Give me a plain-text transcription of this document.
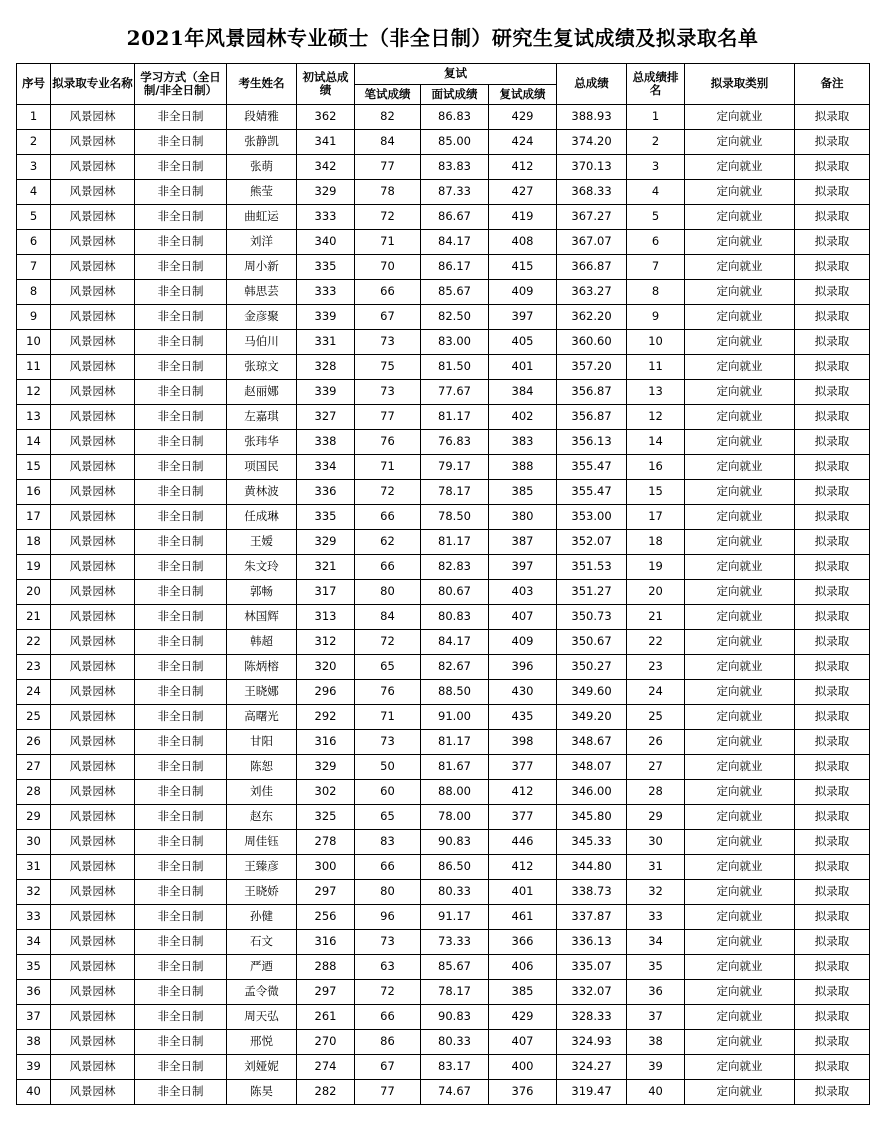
2021年风景园林专业硕士（非全日制）研究生复试成绩及拟录取名单
序号	拟录取专业名称	学习方式（全日制/非全日制）	考生姓名	初试总成绩	复试			总成绩	总成绩排名	拟录取类别	备注
					笔试成绩	面试成绩	复试成绩				
1	风景园林	非全日制	段婧雅	362	82	86.83	429	388.93	1	定向就业	拟录取
2	风景园林	非全日制	张静凯	341	84	85.00	424	374.20	2	定向就业	拟录取
3	风景园林	非全日制	张萌	342	77	83.83	412	370.13	3	定向就业	拟录取
4	风景园林	非全日制	熊莹	329	78	87.33	427	368.33	4	定向就业	拟录取
5	风景园林	非全日制	曲虹运	333	72	86.67	419	367.27	5	定向就业	拟录取
6	风景园林	非全日制	刘洋	340	71	84.17	408	367.07	6	定向就业	拟录取
7	风景园林	非全日制	周小新	335	70	86.17	415	366.87	7	定向就业	拟录取
8	风景园林	非全日制	韩思芸	333	66	85.67	409	363.27	8	定向就业	拟录取
9	风景园林	非全日制	金彦聚	339	67	82.50	397	362.20	9	定向就业	拟录取
10	风景园林	非全日制	马伯川	331	73	83.00	405	360.60	10	定向就业	拟录取
11	风景园林	非全日制	张琼文	328	75	81.50	401	357.20	11	定向就业	拟录取
12	风景园林	非全日制	赵丽娜	339	73	77.67	384	356.87	13	定向就业	拟录取
13	风景园林	非全日制	左嘉琪	327	77	81.17	402	356.87	12	定向就业	拟录取
14	风景园林	非全日制	张玮华	338	76	76.83	383	356.13	14	定向就业	拟录取
15	风景园林	非全日制	项国民	334	71	79.17	388	355.47	16	定向就业	拟录取
16	风景园林	非全日制	黄林波	336	72	78.17	385	355.47	15	定向就业	拟录取
17	风景园林	非全日制	任成琳	335	66	78.50	380	353.00	17	定向就业	拟录取
18	风景园林	非全日制	王嫒	329	62	81.17	387	352.07	18	定向就业	拟录取
19	风景园林	非全日制	朱文玲	321	66	82.83	397	351.53	19	定向就业	拟录取
20	风景园林	非全日制	郭畅	317	80	80.67	403	351.27	20	定向就业	拟录取
21	风景园林	非全日制	林国辉	313	84	80.83	407	350.73	21	定向就业	拟录取
22	风景园林	非全日制	韩超	312	72	84.17	409	350.67	22	定向就业	拟录取
23	风景园林	非全日制	陈炳榕	320	65	82.67	396	350.27	23	定向就业	拟录取
24	风景园林	非全日制	王晓娜	296	76	88.50	430	349.60	24	定向就业	拟录取
25	风景园林	非全日制	高曙光	292	71	91.00	435	349.20	25	定向就业	拟录取
26	风景园林	非全日制	甘阳	316	73	81.17	398	348.67	26	定向就业	拟录取
27	风景园林	非全日制	陈恕	329	50	81.67	377	348.07	27	定向就业	拟录取
28	风景园林	非全日制	刘佳	302	60	88.00	412	346.00	28	定向就业	拟录取
29	风景园林	非全日制	赵东	325	65	78.00	377	345.80	29	定向就业	拟录取
30	风景园林	非全日制	周佳钰	278	83	90.83	446	345.33	30	定向就业	拟录取
31	风景园林	非全日制	王臻彦	300	66	86.50	412	344.80	31	定向就业	拟录取
32	风景园林	非全日制	王晓娇	297	80	80.33	401	338.73	32	定向就业	拟录取
33	风景园林	非全日制	孙健	256	96	91.17	461	337.87	33	定向就业	拟录取
34	风景园林	非全日制	石文	316	73	73.33	366	336.13	34	定向就业	拟录取
35	风景园林	非全日制	严迺	288	63	85.67	406	335.07	35	定向就业	拟录取
36	风景园林	非全日制	孟令微	297	72	78.17	385	332.07	36	定向就业	拟录取
37	风景园林	非全日制	周天弘	261	66	90.83	429	328.33	37	定向就业	拟录取
38	风景园林	非全日制	邢悦	270	86	80.33	407	324.93	38	定向就业	拟录取
39	风景园林	非全日制	刘娅妮	274	67	83.17	400	324.27	39	定向就业	拟录取
40	风景园林	非全日制	陈昊	282	77	74.67	376	319.47	40	定向就业	拟录取
